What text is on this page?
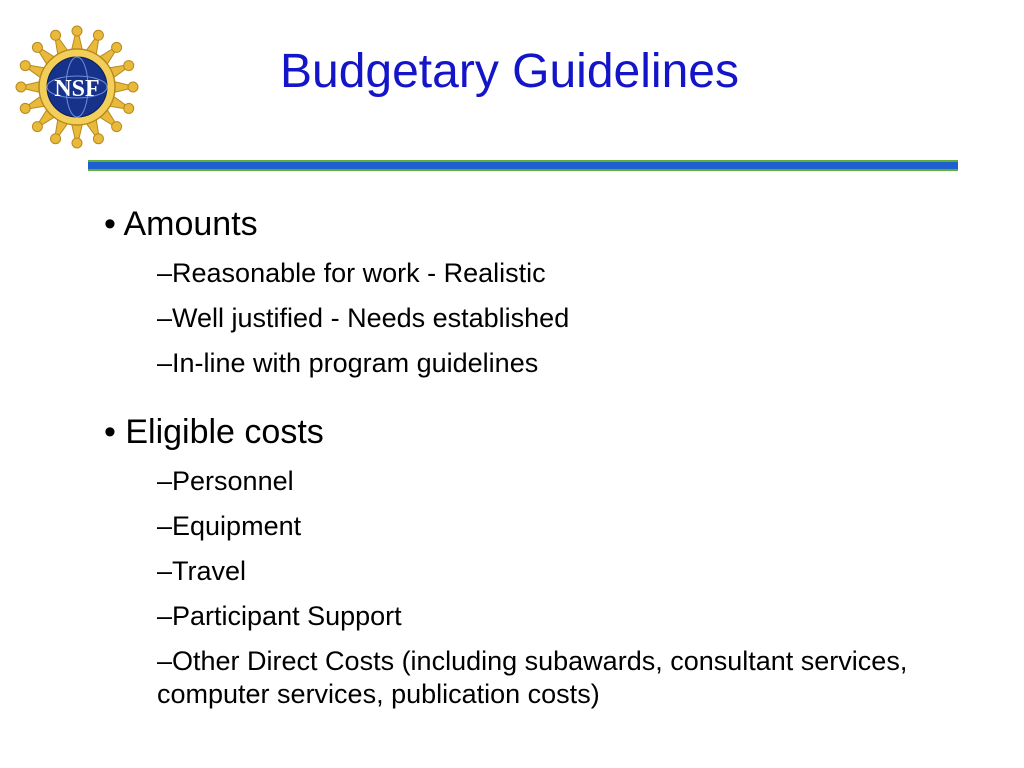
NSF	Budgetary Guidelines
• Amounts
–Reasonable for work - Realistic
–Well justified - Needs established
–In-line with program guidelines
• Eligible costs
–Personnel
–Equipment
–Travel
–Participant Support
–Other Direct Costs (including subawards, consultant services, computer services, publication costs)
